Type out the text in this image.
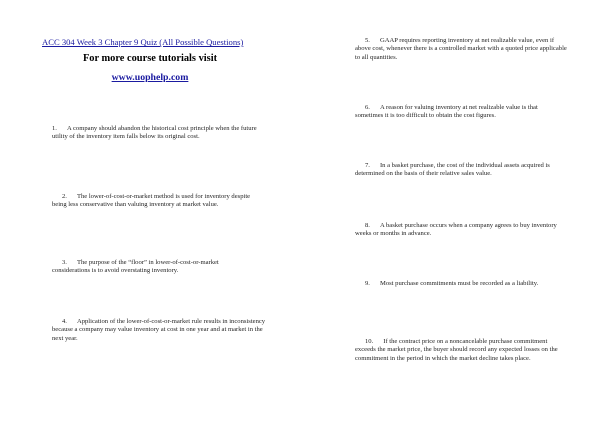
ACC 304 Week 3 Chapter 9 Quiz (All Possible Questions)
For more course tutorials visit
www.uophelp.com
1. A company should abandon the historical cost principle when the future utility of the inventory item falls below its original cost.
2. The lower-of-cost-or-market method is used for inventory despite being less conservative than valuing inventory at market value.
3. The purpose of the “floor” in lower-of-cost-or-market considerations is to avoid overstating inventory.
4. Application of the lower-of-cost-or-market rule results in inconsistency because a company may value inventory at cost in one year and at market in the next year.
5. GAAP requires reporting inventory at net realizable value, even if above cost, whenever there is a controlled market with a quoted price applicable to all quantities.
6. A reason for valuing inventory at net realizable value is that sometimes it is too difficult to obtain the cost figures.
7. In a basket purchase, the cost of the individual assets acquired is determined on the basis of their relative sales value.
8. A basket purchase occurs when a company agrees to buy inventory weeks or months in advance.
9. Most purchase commitments must be recorded as a liability.
10. If the contract price on a noncancelable purchase commitment exceeds the market price, the buyer should record any expected losses on the commitment in the period in which the market decline takes place.
